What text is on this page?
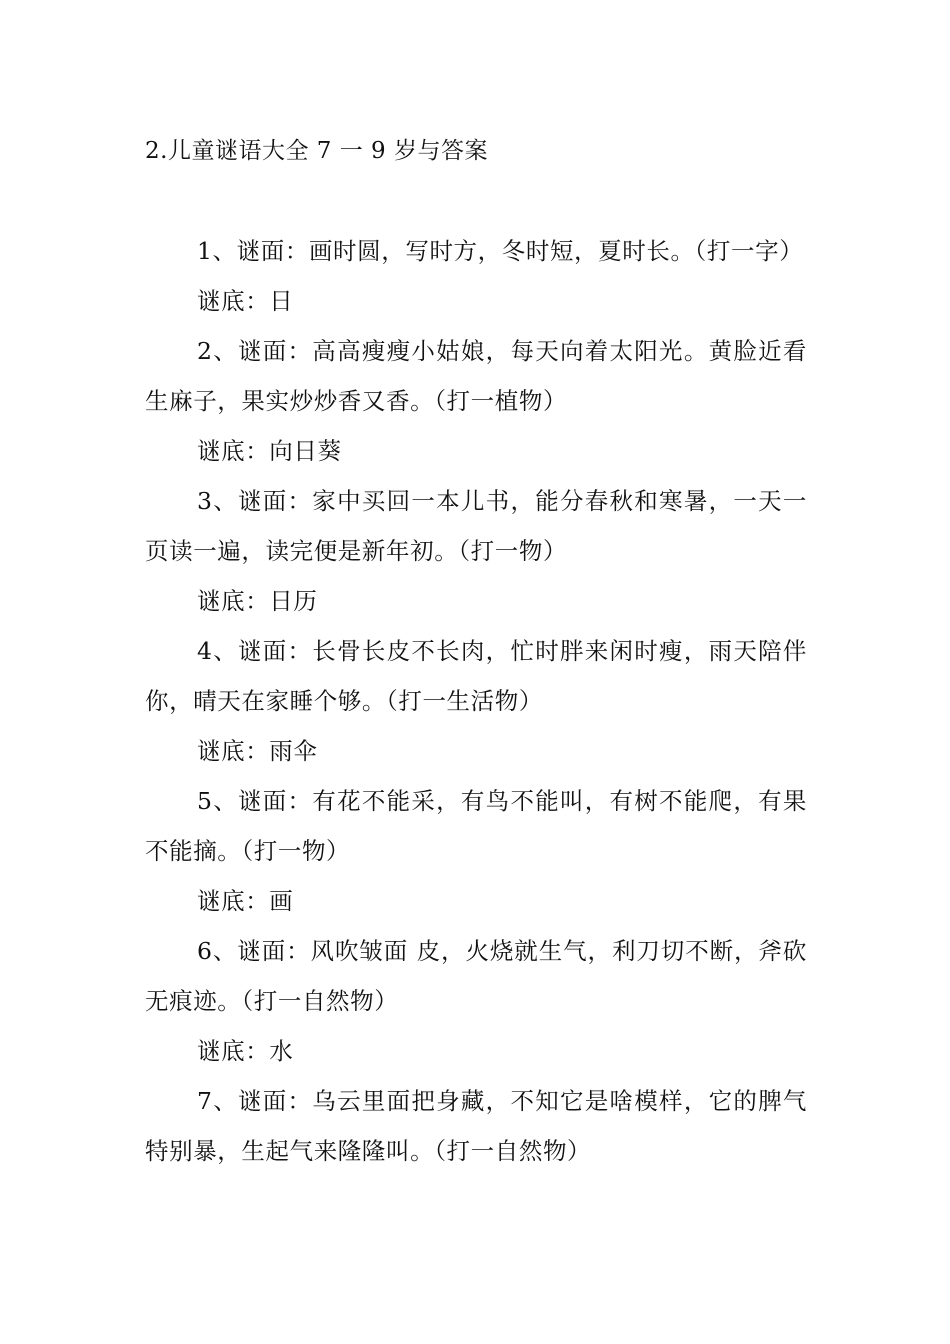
2.儿童谜语大全 7 一 9 岁与答案

1、谜面：画时圆，写时方，冬时短，夏时长。（打一字）

谜底：日

2、谜面：高高瘦瘦小姑娘，每天向着太阳光。黄脸近看生麻子，果实炒炒香又香。（打一植物）

谜底：向日葵

3、谜面：家中买回一本儿书，能分春秋和寒暑，一天一页读一遍，读完便是新年初。（打一物）

谜底：日历

4、谜面：长骨长皮不长肉，忙时胖来闲时瘦，雨天陪伴你，晴天在家睡个够。（打一生活物）

谜底：雨伞

5、谜面：有花不能采，有鸟不能叫，有树不能爬，有果不能摘。（打一物）

谜底：画

6、谜面：风吹皱面 皮，火烧就生气，利刀切不断，斧砍无痕迹。（打一自然物）

谜底：水

7、谜面：乌云里面把身藏，不知它是啥模样，它的脾气特别暴，生起气来隆隆叫。（打一自然物）
